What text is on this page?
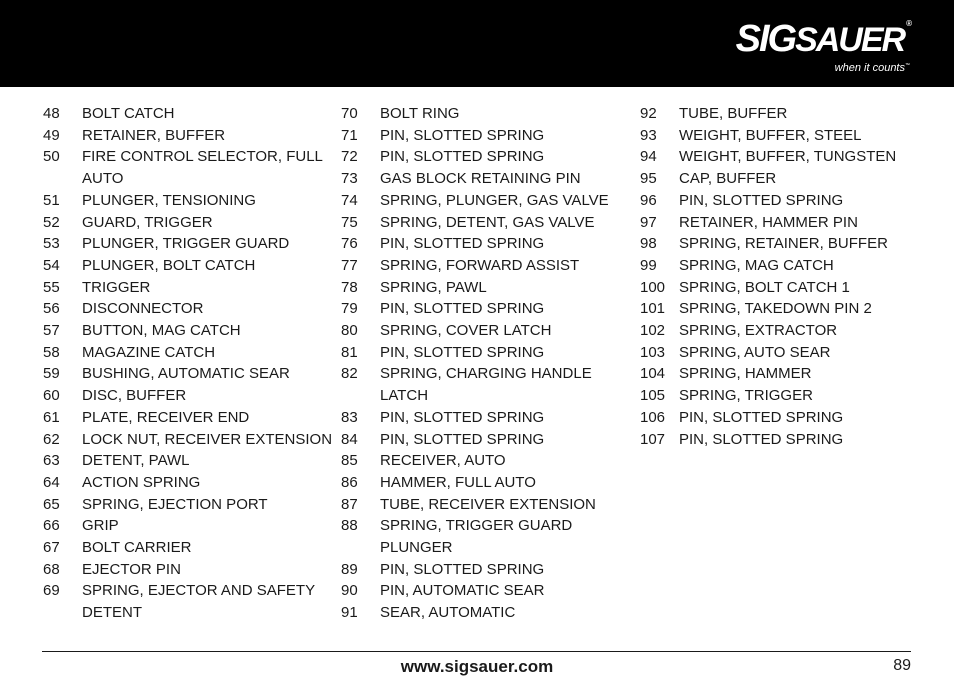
SIGSAUER ®
when it counts™
48 BOLT CATCH
49 RETAINER, BUFFER
50 FIRE CONTROL SELECTOR, FULL AUTO
51 PLUNGER, TENSIONING
52 GUARD, TRIGGER
53 PLUNGER, TRIGGER GUARD
54 PLUNGER, BOLT CATCH
55 TRIGGER
56 DISCONNECTOR
57 BUTTON, MAG CATCH
58 MAGAZINE CATCH
59 BUSHING, AUTOMATIC SEAR
60 DISC, BUFFER
61 PLATE, RECEIVER END
62 LOCK NUT, RECEIVER EXTENSION
63 DETENT, PAWL
64 ACTION SPRING
65 SPRING, EJECTION PORT
66 GRIP
67 BOLT CARRIER
68 EJECTOR PIN
69 SPRING, EJECTOR AND SAFETY DETENT
70 BOLT RING
71 PIN, SLOTTED SPRING
72 PIN, SLOTTED SPRING
73 GAS BLOCK RETAINING PIN
74 SPRING, PLUNGER, GAS VALVE
75 SPRING, DETENT, GAS VALVE
76 PIN, SLOTTED SPRING
77 SPRING, FORWARD ASSIST
78 SPRING, PAWL
79 PIN, SLOTTED SPRING
80 SPRING, COVER LATCH
81 PIN, SLOTTED SPRING
82 SPRING, CHARGING HANDLE LATCH
83 PIN, SLOTTED SPRING
84 PIN, SLOTTED SPRING
85 RECEIVER, AUTO
86 HAMMER, FULL AUTO
87 TUBE, RECEIVER EXTENSION
88 SPRING, TRIGGER GUARD PLUNGER
89 PIN, SLOTTED SPRING
90 PIN, AUTOMATIC SEAR
91 SEAR, AUTOMATIC
92 TUBE, BUFFER
93 WEIGHT, BUFFER, STEEL
94 WEIGHT, BUFFER, TUNGSTEN
95 CAP, BUFFER
96 PIN, SLOTTED SPRING
97 RETAINER, HAMMER PIN
98 SPRING, RETAINER, BUFFER
99 SPRING, MAG CATCH
100 SPRING, BOLT CATCH 1
101 SPRING, TAKEDOWN PIN 2
102 SPRING, EXTRACTOR
103 SPRING, AUTO SEAR
104 SPRING, HAMMER
105 SPRING, TRIGGER
106 PIN, SLOTTED SPRING
107 PIN, SLOTTED SPRING
www.sigsauer.com	89
